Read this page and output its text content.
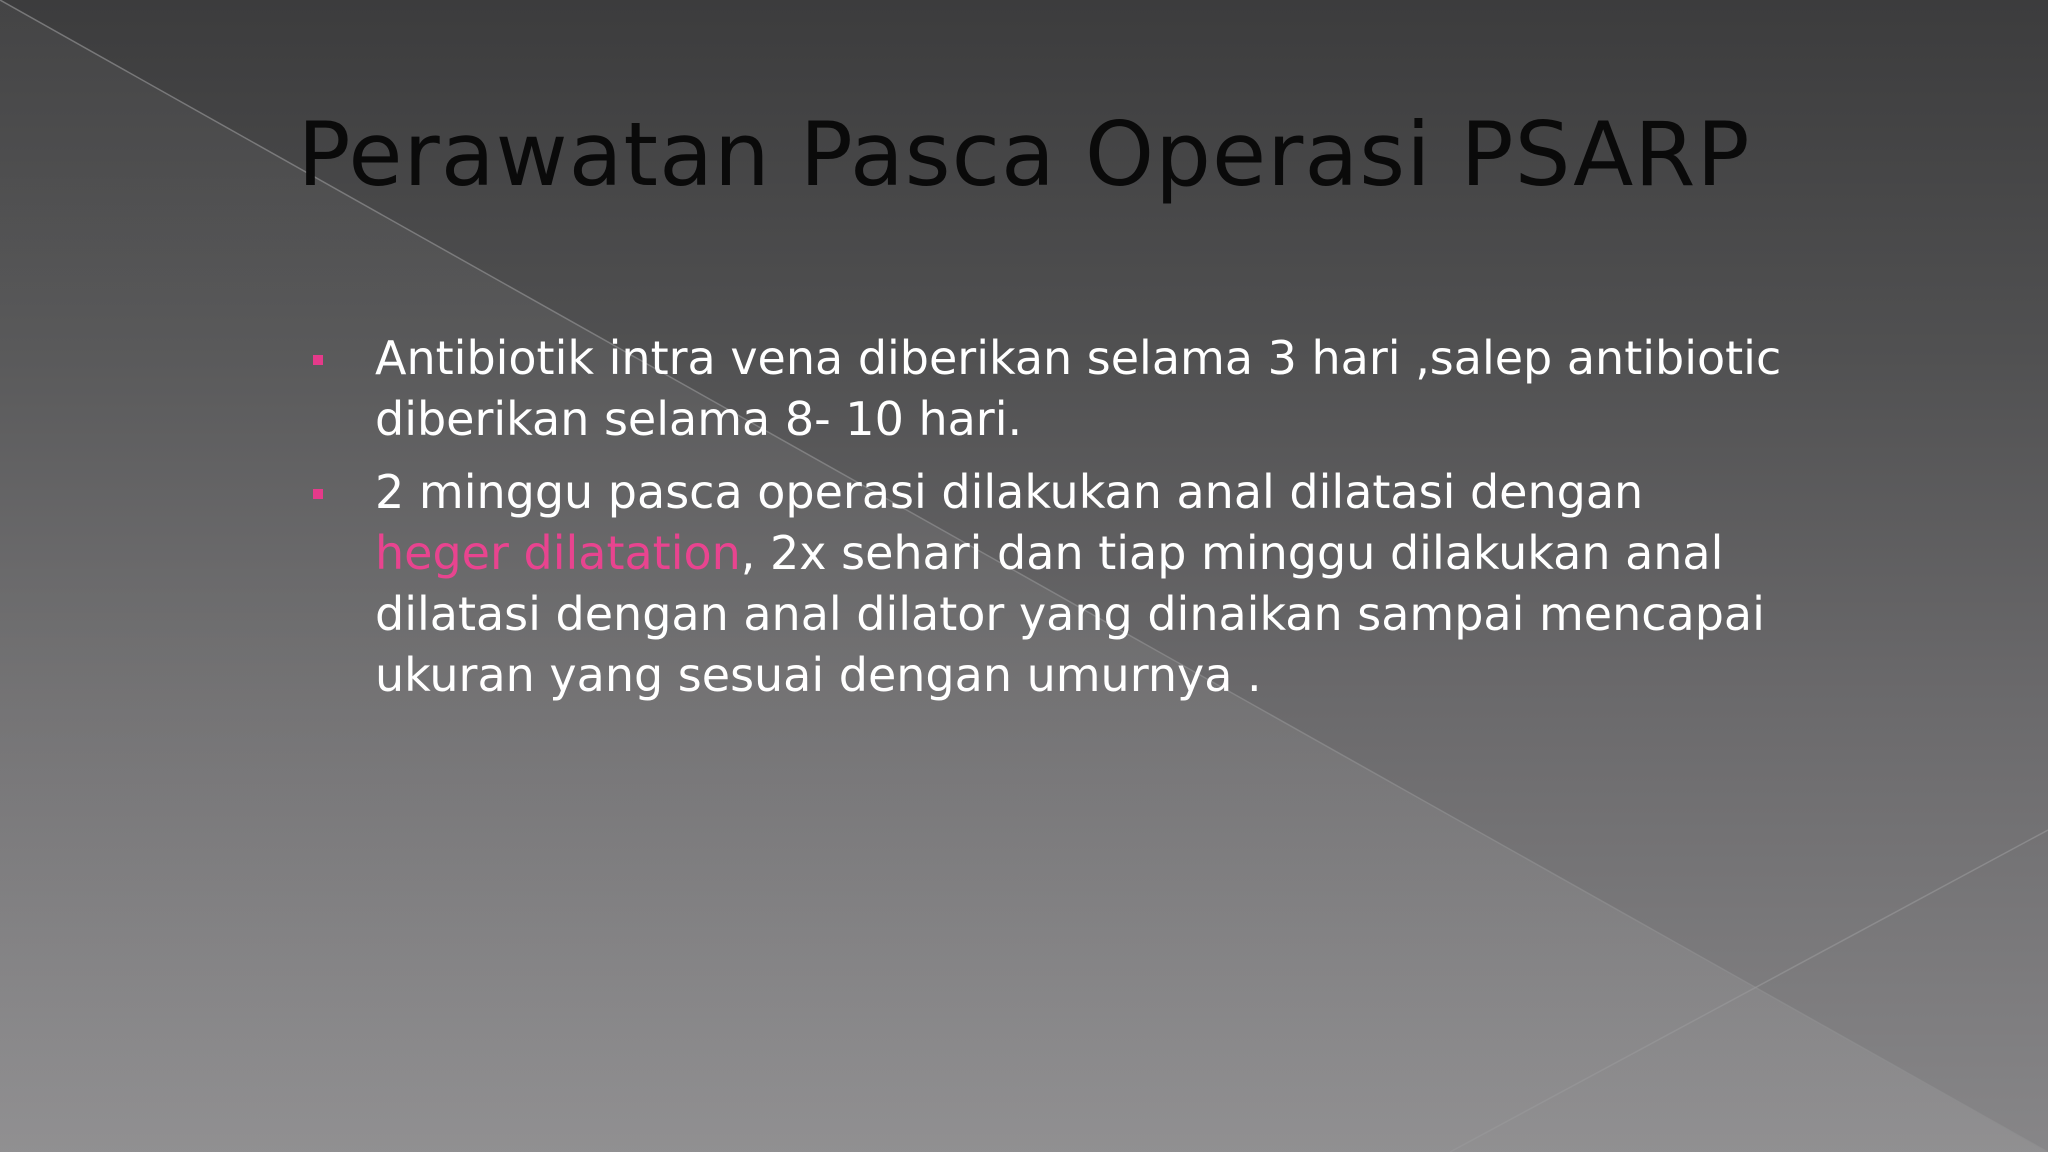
Perawatan Pasca Operasi PSARP
Antibiotik intra vena diberikan selama 3 hari ,salep antibiotic diberikan selama 8- 10 hari.
2 minggu pasca operasi dilakukan anal dilatasi dengan heger dilatation, 2x sehari dan tiap minggu dilakukan anal dilatasi dengan anal dilator yang dinaikan sampai mencapai ukuran yang sesuai dengan umurnya .
